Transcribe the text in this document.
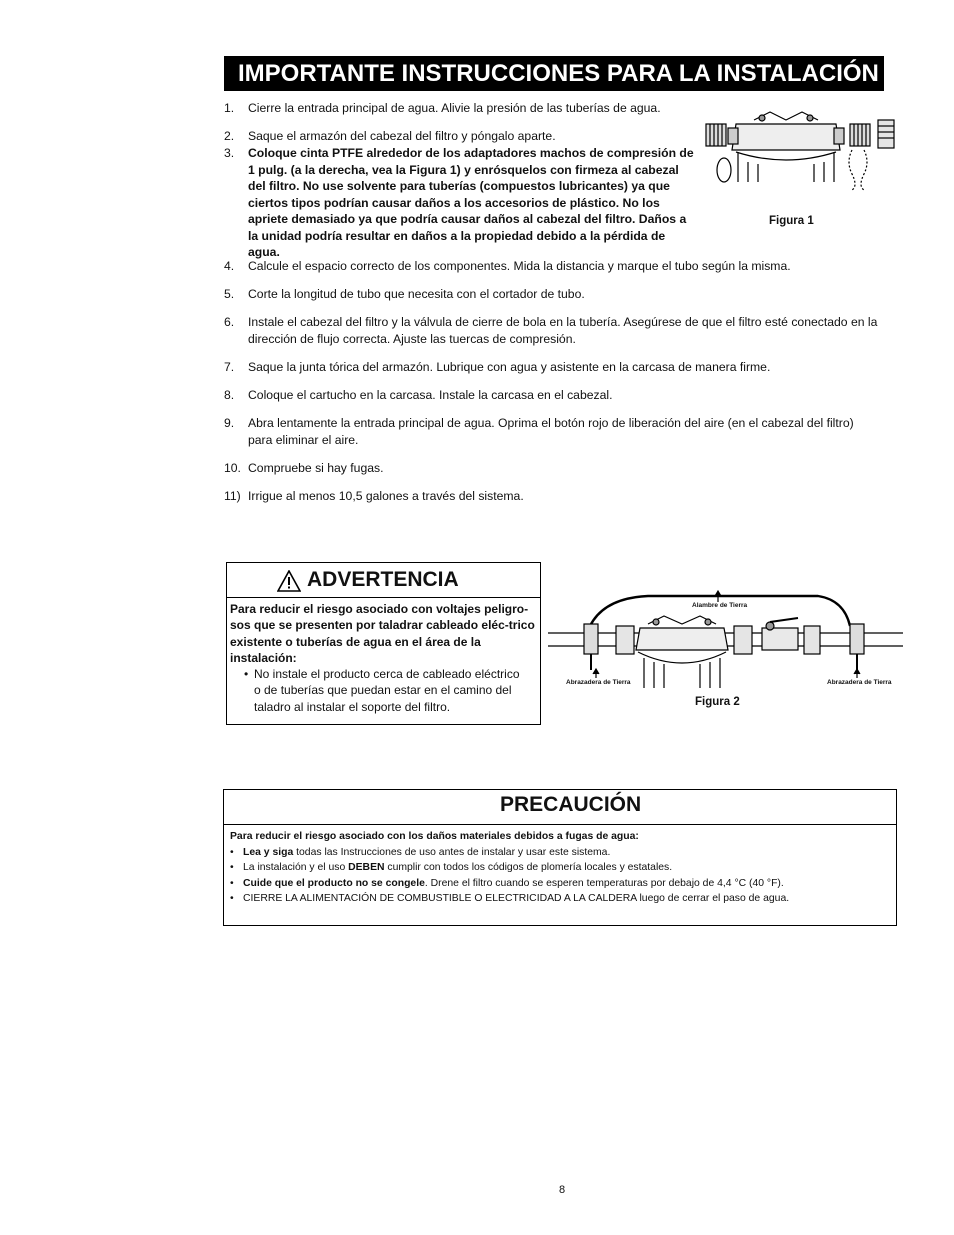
IMPORTANTE INSTRUCCIONES PARA LA INSTALACIÓN
1. Cierre la entrada principal de agua. Alivie la presión de las tuberías de agua.
2. Saque el armazón del cabezal del filtro y póngalo aparte.
3. Coloque cinta PTFE alrededor de los adaptadores machos de compresión de 1 pulg. (a la derecha, vea la Figura 1) y enrósquelos con firmeza al cabezal del filtro. No use solvente para tuberías (compuestos lubricantes) ya que ciertos tipos podrían causar daños a los accesorios de plástico. No los apriete demasiado ya que podría causar daños al cabezal del filtro. Daños a la unidad podría resultar en daños a la propiedad debido a la pérdida de agua.
4. Calcule el espacio correcto de los componentes. Mida la distancia y marque el tubo según la misma.
5. Corte la longitud de tubo que necesita con el cortador de tubo.
6. Instale el cabezal del filtro y la válvula de cierre de bola en la tubería. Asegúrese de que el filtro esté conectado en la dirección de flujo correcta. Ajuste las tuercas de compresión.
7. Saque la junta tórica del armazón. Lubrique con agua y asistente en la carcasa de manera firme.
8. Coloque el cartucho en la carcasa. Instale la carcasa en el cabezal.
9. Abra lentamente la entrada principal de agua. Oprima el botón rojo de liberación del aire (en el cabezal del filtro) para eliminar el aire.
10. Compruebe si hay fugas.
11) Irrigue al menos 10,5 galones a través del sistema.
Figura 1
ADVERTENCIA
Para reducir el riesgo asociado con voltajes peligro-sos que se presenten por taladrar cableado eléc-trico existente o tuberías de agua en el área de la instalación:
• No instale el producto cerca de cableado eléctrico o de tuberías que puedan estar en el camino del taladro al instalar el soporte del filtro.
Alambre de Tierra
Abrazadera de Tierra	Abrazadera de Tierra
Figura 2
PRECAUCIÓN
Para reducir el riesgo asociado con los daños materiales debidos a fugas de agua:
• Lea y siga todas las Instrucciones de uso antes de instalar y usar este sistema.
• La instalación y el uso DEBEN cumplir con todos los códigos de plomería locales y estatales.
• Cuide que el producto no se congele. Drene el filtro cuando se esperen temperaturas por debajo de 4,4 °C (40 °F).
• CIERRE LA ALIMENTACIÓN DE COMBUSTIBLE O ELECTRICIDAD A LA CALDERA luego de cerrar el paso de agua.
8
